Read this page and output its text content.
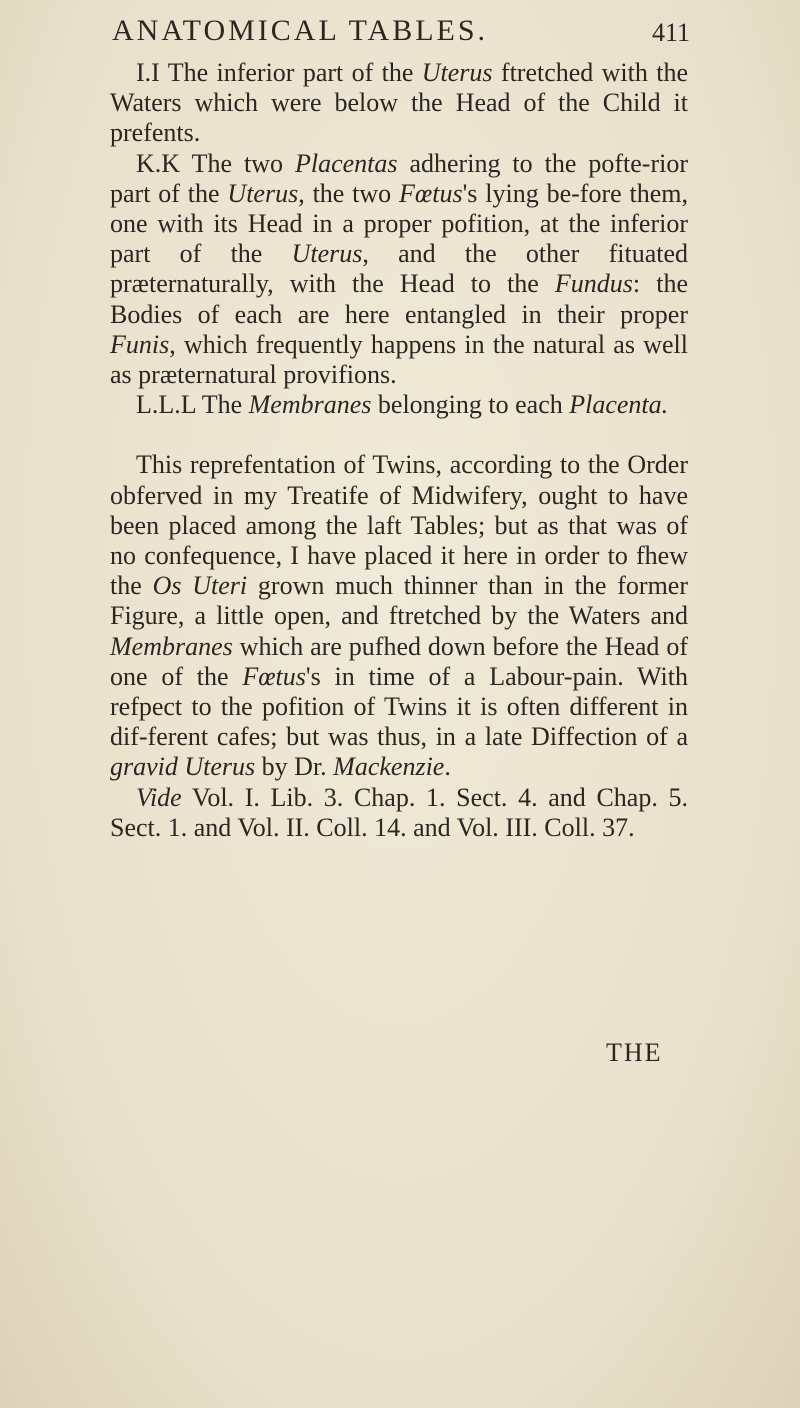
ANATOMICAL TABLES.	411

I.I The inferior part of the Uterus ftretched with the Waters which were below the Head of the Child it prefents.

K.K The two Placentas adhering to the pofte-rior part of the Uterus, the two Fœtus's lying be-fore them, one with its Head in a proper pofition, at the inferior part of the Uterus, and the other fituated præternaturally, with the Head to the Fundus: the Bodies of each are here entangled in their proper Funis, which frequently happens in the natural as well as præternatural provifions.

L.L.L The Membranes belonging to each Placenta.

This reprefentation of Twins, according to the Order obferved in my Treatife of Midwifery, ought to have been placed among the laft Tables; but as that was of no confequence, I have placed it here in order to fhew the Os Uteri grown much thinner than in the former Figure, a little open, and ftretched by the Waters and Membranes which are pufhed down before the Head of one of the Fœtus's in time of a Labour-pain. With refpect to the pofition of Twins it is often different in dif-ferent cafes; but was thus, in a late Diffection of a gravid Uterus by Dr. Mackenzie.

Vide Vol. I. Lib. 3. Chap. 1. Sect. 4. and Chap. 5. Sect. 1. and Vol. II. Coll. 14. and Vol. III. Coll. 37.

THE
